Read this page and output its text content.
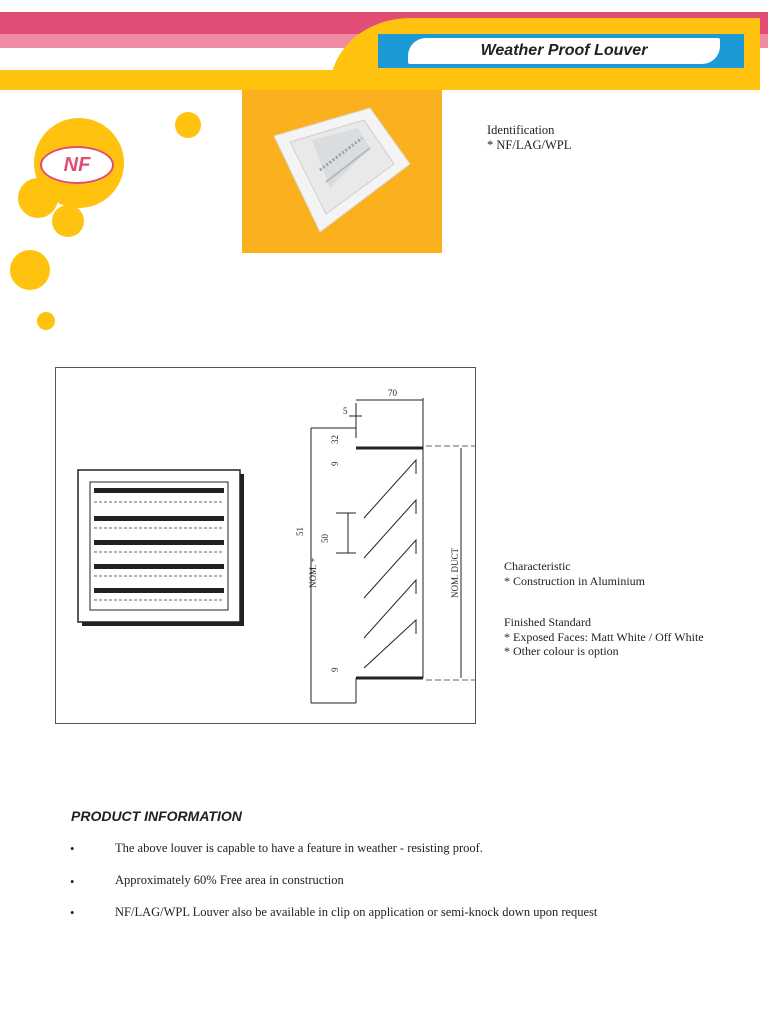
Weather Proof Louver
NF
Identification
* NF/LAG/WPL
70
5
32
9
50
NOM. +
51
NOM. DUCT
9
Characteristic
* Construction in Aluminium
Finished Standard
* Exposed Faces: Matt White / Off White
* Other colour is option
PRODUCT INFORMATION
•	The above louver is capable to have a feature in weather - resisting proof.
•	Approximately 60% Free area in construction
•	NF/LAG/WPL Louver also be available in clip on application or semi-knock down upon request
